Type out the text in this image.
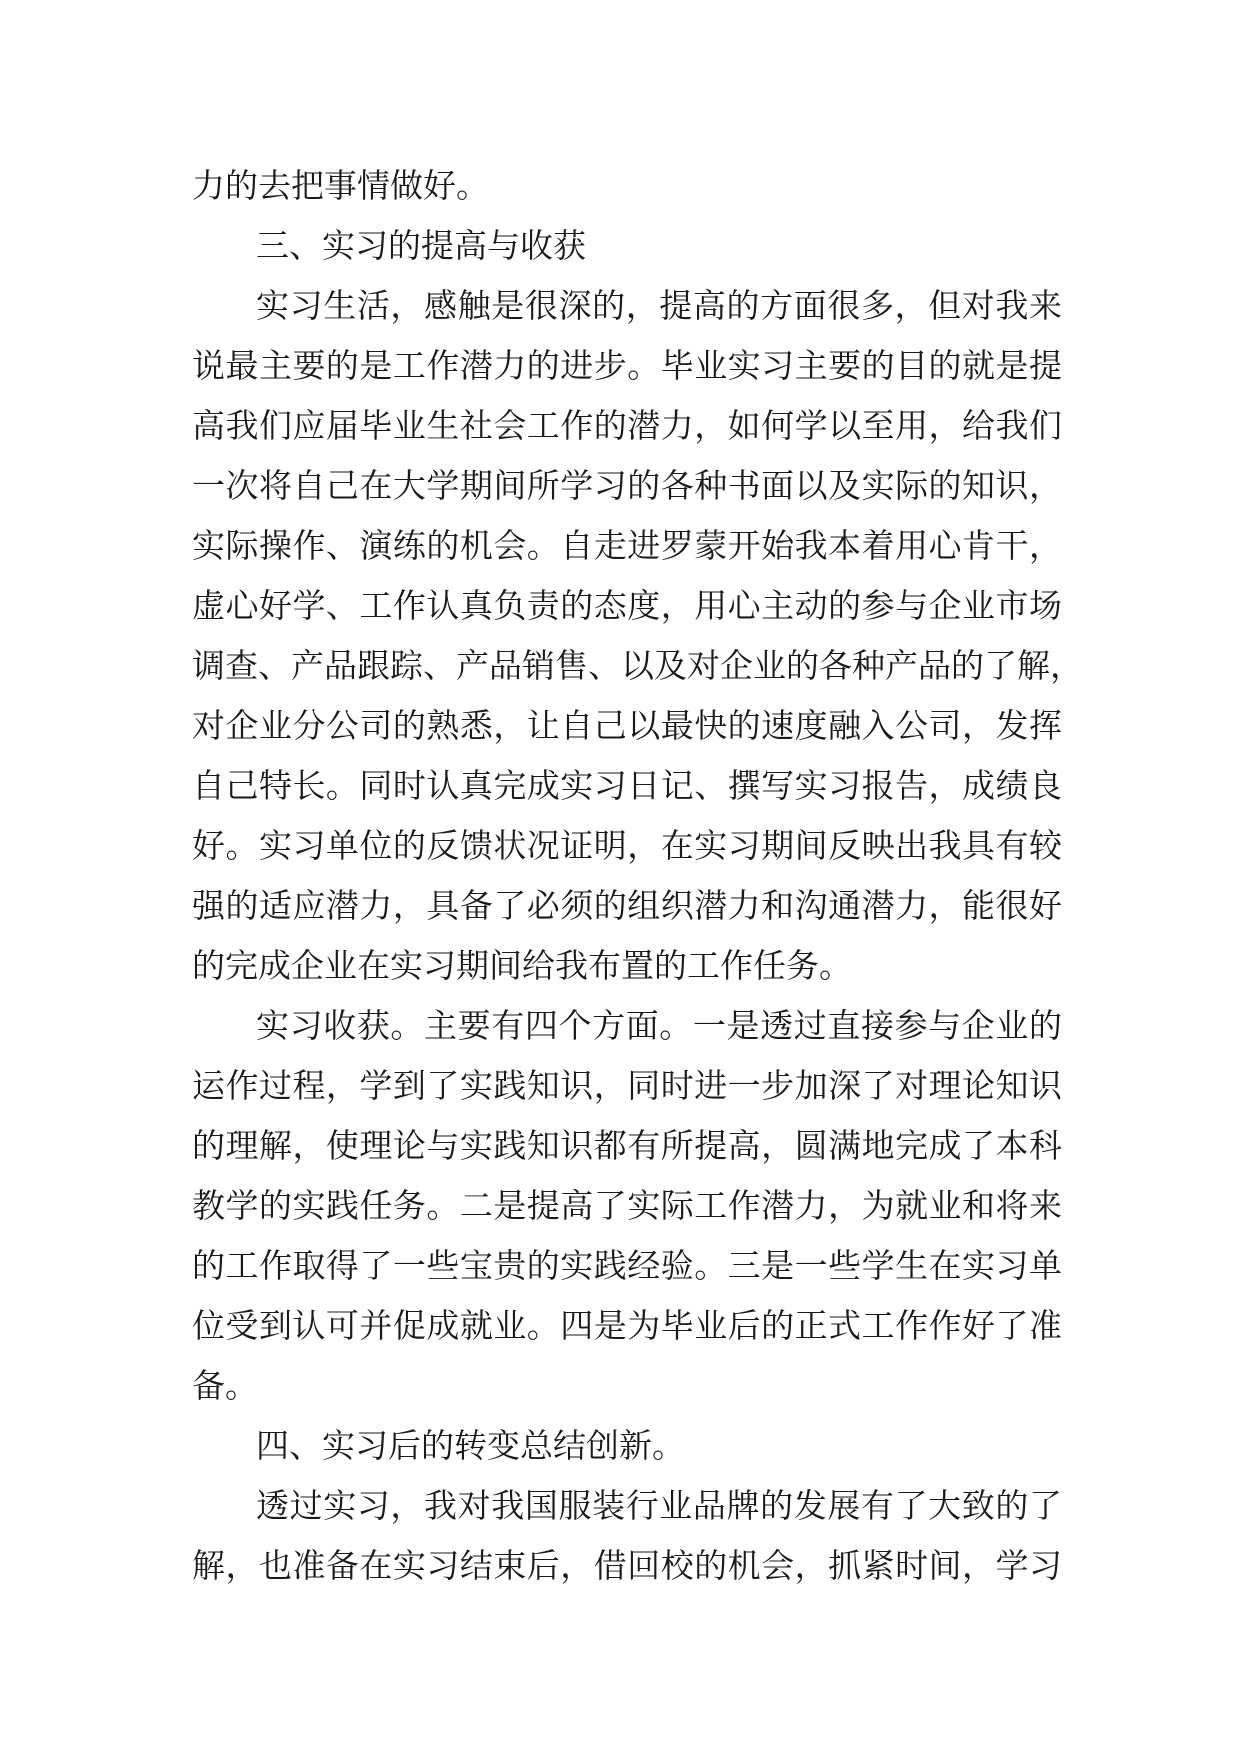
力的去把事情做好。
三、实习的提高与收获
实习生活，感触是很深的，提高的方面很多，但对我来
说最主要的是工作潜力的进步。毕业实习主要的目的就是提
高我们应届毕业生社会工作的潜力，如何学以至用，给我们
一次将自己在大学期间所学习的各种书面以及实际的知识，
实际操作、演练的机会。自走进罗蒙开始我本着用心肯干，
虚心好学、工作认真负责的态度，用心主动的参与企业市场
调查、产品跟踪、产品销售、以及对企业的各种产品的了解，
对企业分公司的熟悉，让自己以最快的速度融入公司，发挥
自己特长。同时认真完成实习日记、撰写实习报告，成绩良
好。实习单位的反馈状况证明，在实习期间反映出我具有较
强的适应潜力，具备了必须的组织潜力和沟通潜力，能很好
的完成企业在实习期间给我布置的工作任务。
实习收获。主要有四个方面。一是透过直接参与企业的
运作过程，学到了实践知识，同时进一步加深了对理论知识
的理解，使理论与实践知识都有所提高，圆满地完成了本科
教学的实践任务。二是提高了实际工作潜力，为就业和将来
的工作取得了一些宝贵的实践经验。三是一些学生在实习单
位受到认可并促成就业。四是为毕业后的正式工作作好了准
备。
四、实习后的转变总结创新。
透过实习，我对我国服装行业品牌的发展有了大致的了
解，也准备在实习结束后，借回校的机会，抓紧时间，学习
